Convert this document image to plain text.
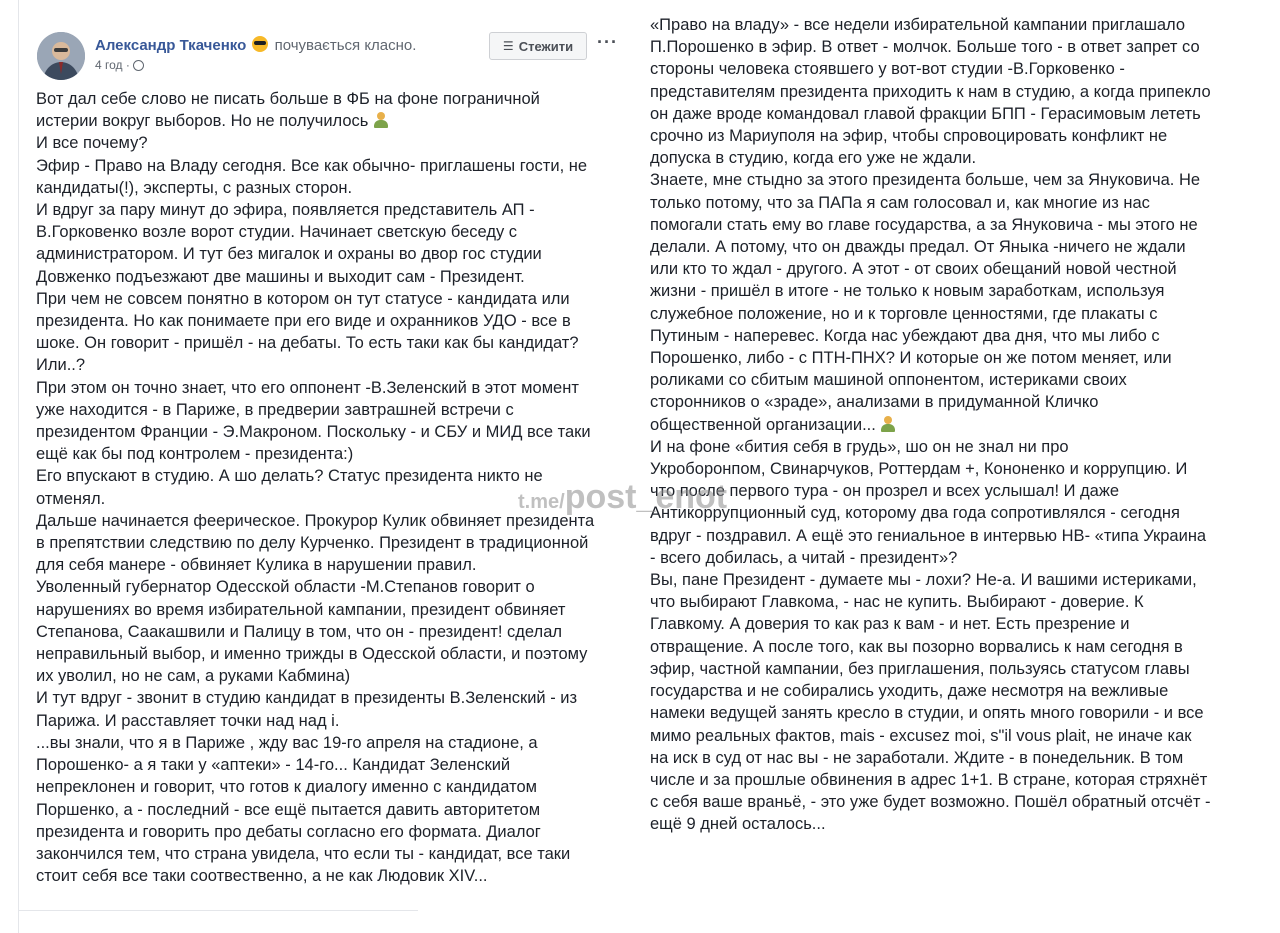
Александр Ткаченко почувається класно.
4 год ·
☰ Стежити ···

Вот дал себе слово не писать больше в ФБ на фоне пограничной

истерии вокруг выборов. Но не получилось

И все почему?

Эфир - Право на Владу сегодня. Все как обычно- приглашены гости, не

кандидаты(!), эксперты, с разных сторон.

И вдруг за пару минут до эфира, появляется представитель АП -

В.Горковенко возле ворот студии. Начинает светскую беседу с

администратором. И тут без мигалок и охраны во двор гос студии

Довженко подъезжают две машины и выходит сам - Президент.

При чем не совсем понятно в котором он тут статусе - кандидата или

президента. Но как понимаете при его виде и охранников УДО - все в

шоке. Он говорит - пришёл - на дебаты. То есть таки как бы кандидат?

Или..?

При этом он точно знает, что его оппонент -В.Зеленский в этот момент

уже находится - в Париже, в предверии завтрашней встречи с

президентом Франции - Э.Макроном. Поскольку - и СБУ и МИД все таки

ещё как бы под контролем - президента:)

Его впускают в студию. А шо делать? Статус президента никто не

отменял.

Дальше начинается феерическое. Прокурор Кулик обвиняет президента

в препятствии следствию по делу Курченко. Президент в традиционной

для себя манере - обвиняет Кулика в нарушении правил.

Уволенный губернатор Одесской области -М.Степанов говорит о

нарушениях во время избирательной кампании, президент обвиняет

Степанова, Саакашвили и Палицу в том, что он - президент! сделал

неправильный выбор, и именно трижды в Одесской области, и поэтому

их уволил, но не сам, а руками Кабмина)

И тут вдруг - звонит в студию кандидат в президенты В.Зеленский - из

Парижа. И расставляет точки над над і.

...вы знали, что я в Париже , жду вас 19-го апреля на стадионе, а

Порошенко- а я таки у «аптеки» - 14-го... Кандидат Зеленский

непреклонен и говорит, что готов к диалогу именно с кандидатом

Поршенко, а - последний - все ещё пытается давить авторитетом

президента и говорить про дебаты согласно его формата. Диалог

закончился тем, что страна увидела, что если ты - кандидат, все таки

стоит себя все таки соотвественно, а не как Людовик XIV...

«Право на владу» - все недели избирательной кампании приглашало

П.Порошенко в эфир. В ответ - молчок. Больше того - в ответ запрет со

стороны человека стоявшего у вот-вот студии -В.Горковенко -

представителям президента приходить к нам в студию, а когда припекло

он даже вроде командовал главой фракции БПП - Герасимовым лететь

срочно из Мариуполя на эфир, чтобы спровоцировать конфликт не

допуска в студию, когда его уже не ждали.

Знаете, мне стыдно за этого президента больше, чем за Януковича. Не

только потому, что за ПАПа я сам голосовал и, как многие из нас

помогали стать ему во главе государства, а за Януковича - мы этого не

делали. А потому, что он дважды предал. От Яныка -ничего не ждали

или кто то ждал - другого. А этот - от своих обещаний новой честной

жизни - пришёл в итоге - не только к новым заработкам, используя

служебное положение, но и к торговле ценностями, где плакаты с

Путиным - наперевес. Когда нас убеждают два дня, что мы либо с

Порошенко, либо - с ПТН-ПНХ? И которые он же потом меняет, или

роликами со сбитым машиной оппонентом, истериками своих

сторонников о «зраде», анализами в придуманной Кличко

общественной организации...

И на фоне «бития себя в грудь», шо он не знал ни про

Укроборонпом, Свинарчуков, Роттердам +, Кононенко и коррупцию. И

что после первого тура - он прозрел и всех услышал! И даже

Антикоррупционный суд, которому два года сопротивлялся - сегодня

вдруг - поздравил. А ещё это гениальное в интервью НВ- «типа Украина

- всего добилась, а читай - президент»?

Вы, пане Президент - думаете мы - лохи? Не-а. И вашими истериками,

что выбирают Главкома, - нас не купить. Выбирают - доверие. К

Главкому. А доверия то как раз к вам - и нет. Есть презрение и

отвращение. А после того, как вы позорно ворвались к нам сегодня в

эфир, частной кампании, без приглашения, пользуясь статусом главы

государства и не собирались уходить, даже несмотря на вежливые

намеки ведущей занять кресло в студии, и опять много говорили - и все

мимо реальных фактов, mais - excusez moi, s"il vous plait, не иначе как

на иск в суд от нас вы - не заработали. Ждите - в понедельник. В том

числе и за прошлые обвинения в адрес 1+1. В стране, которая стряхнёт

с себя ваше враньё, - это уже будет возможно. Пошёл обратный отсчёт -

ещё 9 дней осталось...

t.me/post_enot
